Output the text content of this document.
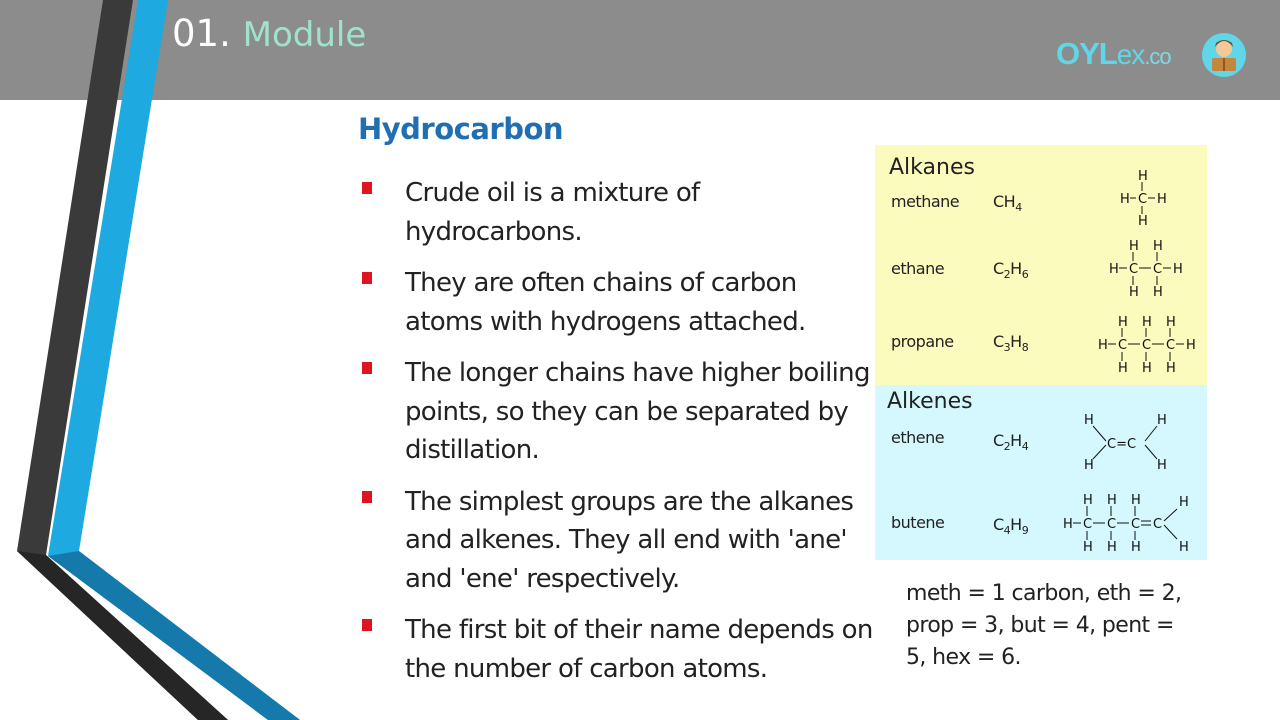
01. Module	OYLex.co
Hydrocarbon
Crude oil is a mixture of hydrocarbons.
They are often chains of carbon atoms with hydrogens attached.
The longer chains have higher boiling points, so they can be separated by distillation.
The simplest groups are the alkanes and alkenes. They all end with 'ane' and 'ene' respectively.
The first bit of their name depends on the number of carbon atoms.
Alkanes
methane $CH_4$
H
H C H
H
ethane	$C_2H_6$
H H
H C C H
H H
propane $C_3H_8$
H H H
H C C C H
H H H
Alkenes
ethene	$C_2H_4$
H	H
C=C
H	H
butene	$C_4H_9$
H H H	H
H C C C C
H H H	H
meth = 1 carbon, eth = 2, prop = 3, but = 4, pent = 5, hex = 6.
